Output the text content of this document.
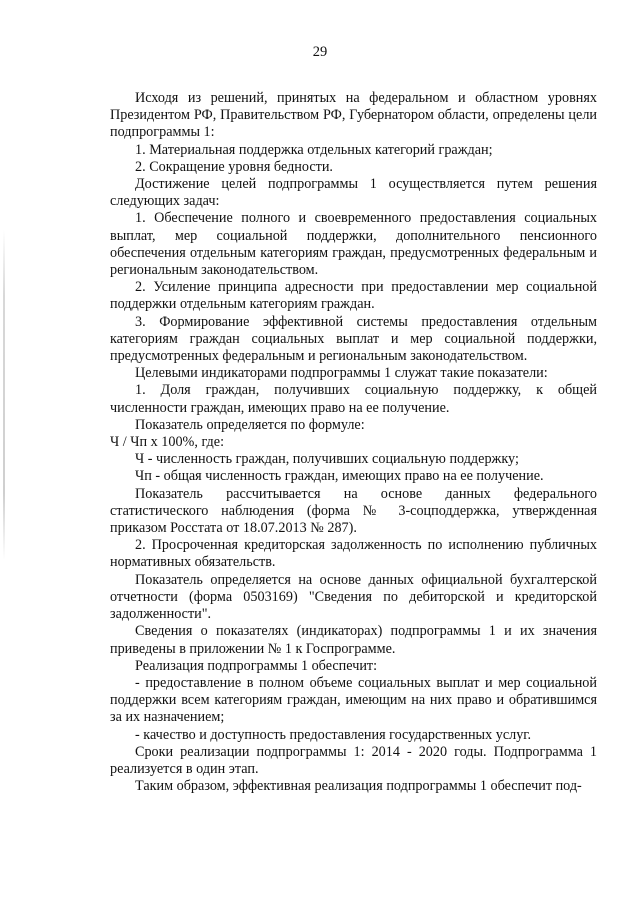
29

Исходя из решений, принятых на федеральном и областном уровнях Президентом РФ, Правительством РФ, Губернатором области, определены цели подпрограммы 1:

1. Материальная поддержка отдельных категорий граждан;

2. Сокращение уровня бедности.

Достижение целей подпрограммы 1 осуществляется путем решения следующих задач:

1. Обеспечение полного и своевременного предоставления социальных выплат, мер социальной поддержки, дополнительного пенсионного обеспечения отдельным категориям граждан, предусмотренных федеральным и региональным законодательством.

2. Усиление принципа адресности при предоставлении мер социальной поддержки отдельным категориям граждан.

3. Формирование эффективной системы предоставления отдельным категориям граждан социальных выплат и мер социальной поддержки, предусмотренных федеральным и региональным законодательством.

Целевыми индикаторами подпрограммы 1 служат такие показатели:

1. Доля граждан, получивших социальную поддержку, к общей численности граждан, имеющих право на ее получение.

Показатель определяется по формуле:

Ч / Чп х 100%, где:

Ч - численность граждан, получивших социальную поддержку;

Чп - общая численность граждан, имеющих право на ее получение.

Показатель рассчитывается на основе данных федерального статистического наблюдения (форма № 3-соцподдержка, утвержденная приказом Росстата от 18.07.2013 № 287).

2. Просроченная кредиторская задолженность по исполнению публичных нормативных обязательств.

Показатель определяется на основе данных официальной бухгалтерской отчетности (форма 0503169) "Сведения по дебиторской и кредиторской задолженности".

Сведения о показателях (индикаторах) подпрограммы 1 и их значения приведены в приложении № 1 к Госпрограмме.

Реализация подпрограммы 1 обеспечит:

- предоставление в полном объеме социальных выплат и мер социальной поддержки всем категориям граждан, имеющим на них право и обратившимся за их назначением;

- качество и доступность предоставления государственных услуг.

Сроки реализации подпрограммы 1: 2014 - 2020 годы. Подпрограмма 1 реализуется в один этап.

Таким образом, эффективная реализация подпрограммы 1 обеспечит под-
